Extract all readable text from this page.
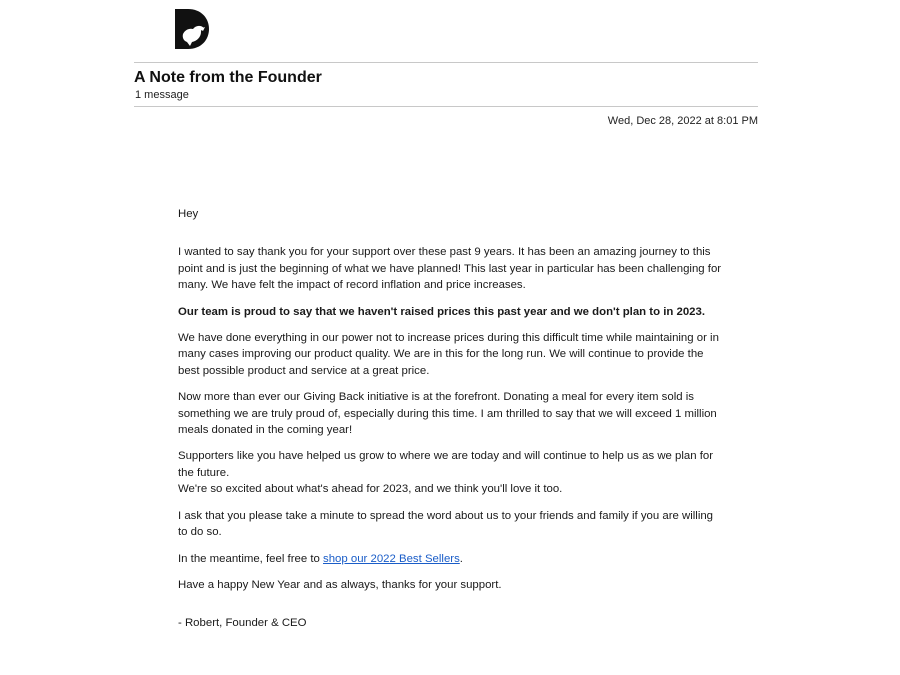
A Note from the Founder
1 message
Wed, Dec 28, 2022 at 8:01 PM

Hey

I wanted to say thank you for your support over these past 9 years. It has been an amazing journey to this point and is just the beginning of what we have planned! This last year in particular has been challenging for many. We have felt the impact of record inflation and price increases.

Our team is proud to say that we haven't raised prices this past year and we don't plan to in 2023.

We have done everything in our power not to increase prices during this difficult time while maintaining or in many cases improving our product quality. We are in this for the long run. We will continue to provide the best possible product and service at a great price.

Now more than ever our Giving Back initiative is at the forefront. Donating a meal for every item sold is something we are truly proud of, especially during this time. I am thrilled to say that we will exceed 1 million meals donated in the coming year!

Supporters like you have helped us grow to where we are today and will continue to help us as we plan for the future.

We're so excited about what's ahead for 2023, and we think you'll love it too.

I ask that you please take a minute to spread the word about us to your friends and family if you are willing to do so.

In the meantime, feel free to shop our 2022 Best Sellers.

Have a happy New Year and as always, thanks for your support.

- Robert, Founder & CEO
